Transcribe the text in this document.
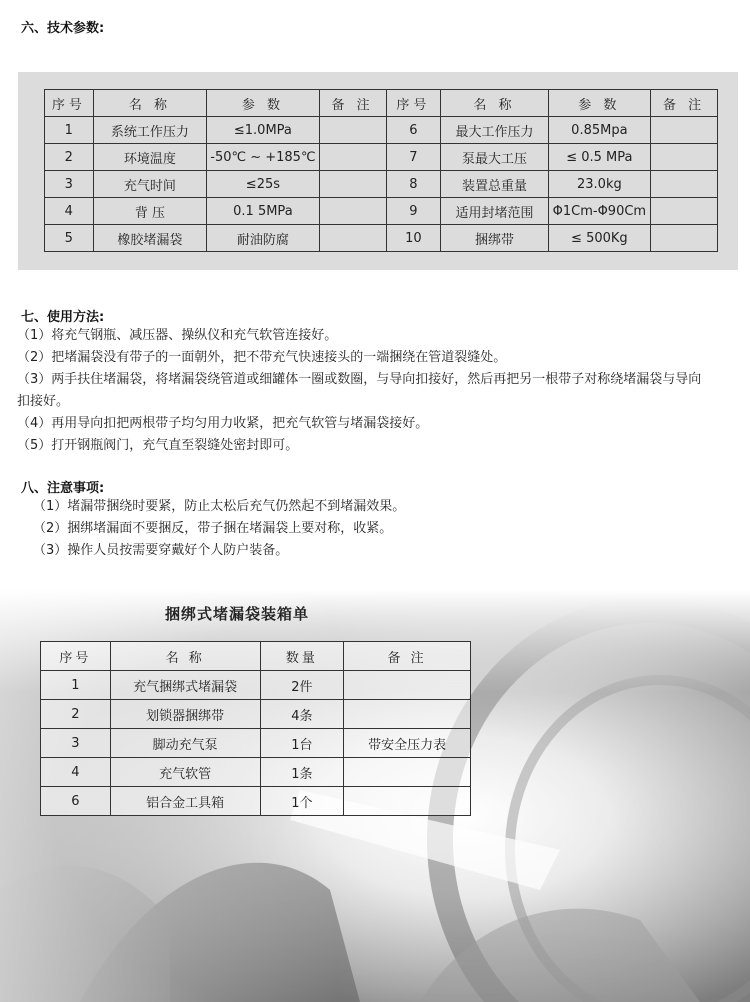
六、技术参数:
序号	名 称	参 数	备 注	序号	名 称	参 数	备 注
1	系统工作压力	≤1.0MPa		6	最大工作压力	0.85Mpa	
2	环境温度	-50℃ ~ +185℃		7	泵最大工压	≤ 0.5 MPa	
3	充气时间	≤25s		8	装置总重量	23.0kg	
4	背 压	0.1 5MPa		9	适用封堵范围	Φ1Cm-Φ90Cm	
5	橡胶堵漏袋	耐油防腐		10	捆绑带	≤ 500Kg	
七、使用方法:
（1）将充气钢瓶、减压器、操纵仪和充气软管连接好。
（2）把堵漏袋没有带子的一面朝外，把不带充气快速接头的一端捆绕在管道裂缝处。
（3）两手扶住堵漏袋，将堵漏袋绕管道或细罐体一圈或数圈，与导向扣接好，然后再把另一根带子对称绕堵漏袋与导向
扣接好。
（4）再用导向扣把两根带子均匀用力收紧，把充气软管与堵漏袋接好。
（5）打开钢瓶阀门，充气直至裂缝处密封即可。
八、注意事项:
（1）堵漏带捆绕时要紧，防止太松后充气仍然起不到堵漏效果。
（2）捆绑堵漏面不要捆反，带子捆在堵漏袋上要对称，收紧。
（3）操作人员按需要穿戴好个人防户装备。
捆绑式堵漏袋装箱单
序号	名 称	数量	备 注
1	充气捆绑式堵漏袋	2件	
2	划锁器捆绑带	4条	
3	脚动充气泵	1台	带安全压力表
4	充气软管	1条	
6	铝合金工具箱	1个	
